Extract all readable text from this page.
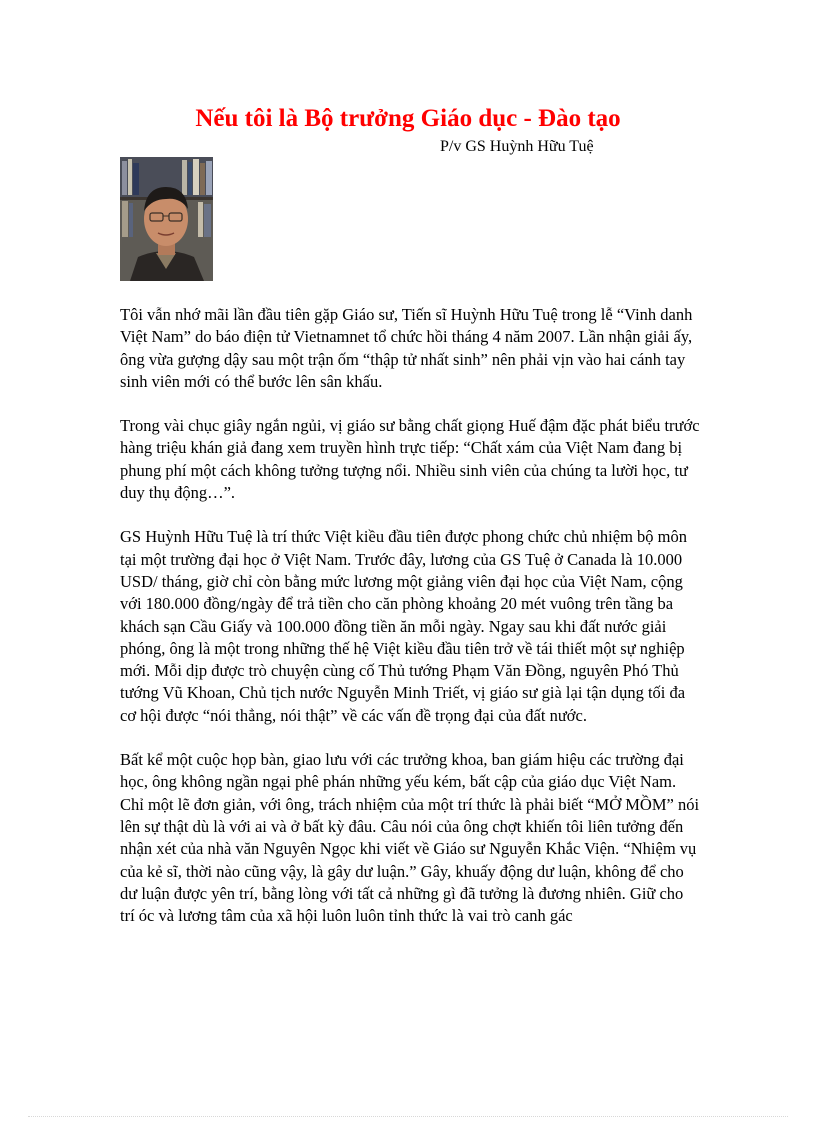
Nếu tôi là Bộ trưởng Giáo dục - Đào tạo
P/v GS Huỳnh Hữu Tuệ

Tôi vẫn nhớ mãi lần đầu tiên gặp Giáo sư, Tiến sĩ Huỳnh Hữu Tuệ trong lễ “Vinh danh Việt Nam” do báo điện tử Vietnamnet tổ chức hồi tháng 4 năm 2007. Lần nhận giải ấy, ông vừa gượng dậy sau một trận ốm “thập tử nhất sinh” nên phải vịn vào hai cánh tay sinh viên mới có thể bước lên sân khấu.

Trong vài chục giây ngắn ngủi, vị giáo sư bằng chất giọng Huế đậm đặc phát biểu trước hàng triệu khán giả đang xem truyền hình trực tiếp: “Chất xám của Việt Nam đang bị phung phí một cách không tưởng tượng nổi. Nhiều sinh viên của chúng ta lười học, tư duy thụ động…”.

GS Huỳnh Hữu Tuệ là trí thức Việt kiều đầu tiên được phong chức chủ nhiệm bộ môn tại một trường đại học ở Việt Nam. Trước đây, lương của GS Tuệ ở Canada là 10.000 USD/ tháng, giờ chỉ còn bằng mức lương một giảng viên đại học của Việt Nam, cộng với 180.000 đồng/ngày để trả tiền cho căn phòng khoảng 20 mét vuông trên tầng ba khách sạn Cầu Giấy và 100.000 đồng tiền ăn mỗi ngày. Ngay sau khi đất nước giải phóng, ông là một trong những thế hệ Việt kiều đầu tiên trở về tái thiết một sự nghiệp mới. Mỗi dịp được trò chuyện cùng cố Thủ tướng Phạm Văn Đồng, nguyên Phó Thủ tướng Vũ Khoan, Chủ tịch nước Nguyễn Minh Triết, vị giáo sư già lại tận dụng tối đa cơ hội được “nói thẳng, nói thật” về các vấn đề trọng đại của đất nước.

Bất kể một cuộc họp bàn, giao lưu với các trưởng khoa, ban giám hiệu các trường đại học, ông không ngần ngại phê phán những yếu kém, bất cập của giáo dục Việt Nam. Chỉ một lẽ đơn giản, với ông, trách nhiệm của một trí thức là phải biết “MỞ MỒM” nói lên sự thật dù là với ai và ở bất kỳ đâu. Câu nói của ông chợt khiến tôi liên tưởng đến nhận xét của nhà văn Nguyên Ngọc khi viết về Giáo sư Nguyễn Khắc Viện. “Nhiệm vụ của kẻ sĩ, thời nào cũng vậy, là gây dư luận.” Gây, khuấy động dư luận, không để cho dư luận được yên trí, bằng lòng với tất cả những gì đã tưởng là đương nhiên. Giữ cho trí óc và lương tâm của xã hội luôn luôn tỉnh thức là vai trò canh gác
